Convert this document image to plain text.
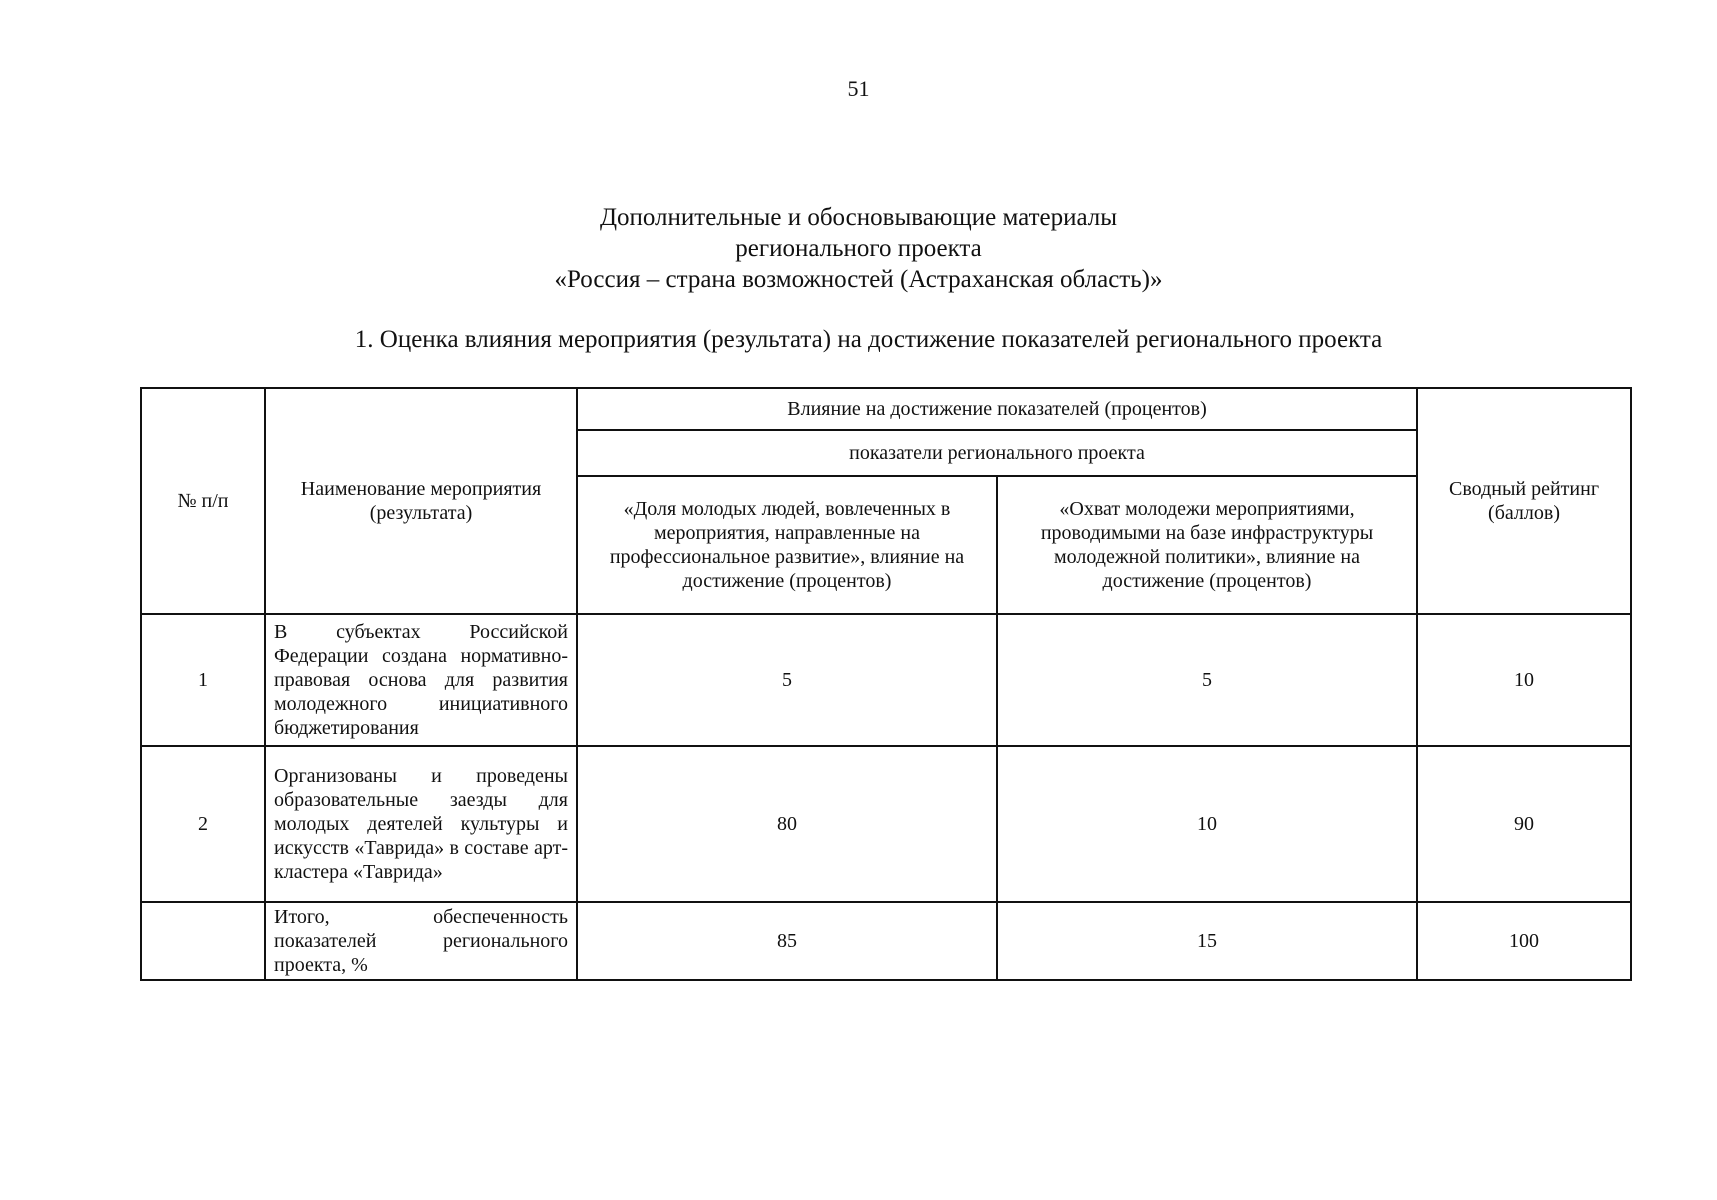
51
Дополнительные и обосновывающие материалы
регионального проекта
«Россия – страна возможностей (Астраханская область)»
1. Оценка влияния мероприятия (результата) на достижение показателей регионального проекта
№ п/п	Наименование мероприятия (результата)	Влияние на достижение показателей (процентов)		Сводный рейтинг (баллов)
		показатели регионального проекта		
		«Доля молодых людей, вовлеченных в мероприятия, направленные на профессиональное развитие», влияние на достижение (процентов)	«Охват молодежи мероприятиями, проводимыми на базе инфраструктуры молодежной политики», влияние на достижение (процентов)	
1	В субъектах Российской Федерации создана нормативно-правовая основа для развития молодежного инициативного бюджетирования	5	5	10
2	Организованы и проведены образовательные заезды для молодых деятелей культуры и искусств «Таврида» в составе арт-кластера «Таврида»	80	10	90
	Итого, обеспеченность показателей регионального проекта, %	85	15	100
